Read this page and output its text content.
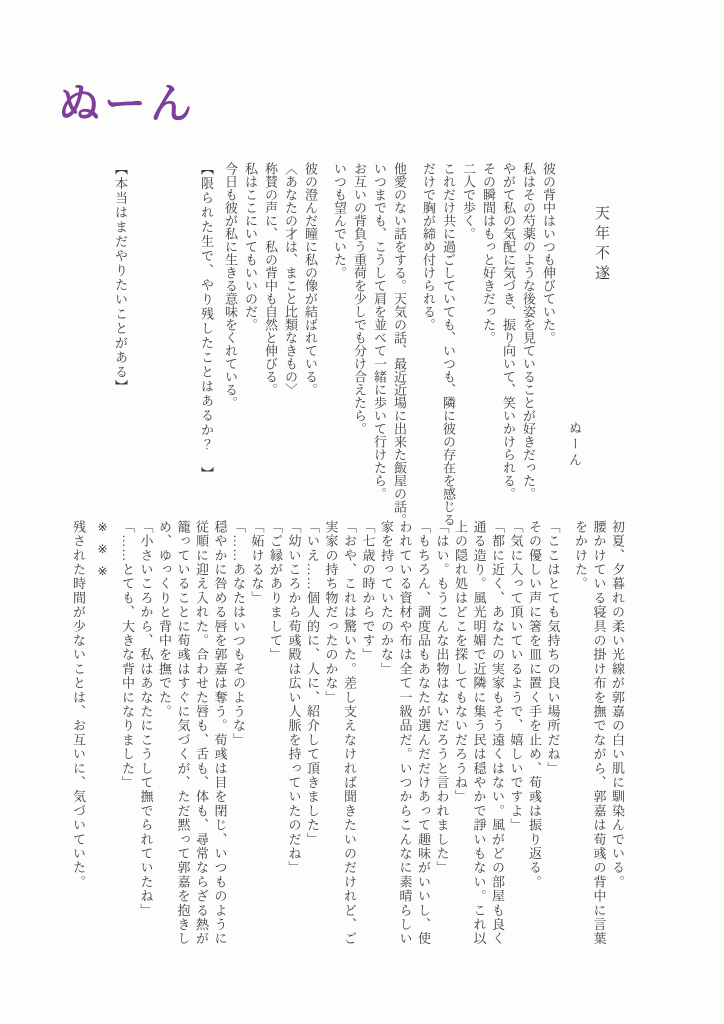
ぬーん
天年不遂
ぬーん

彼の背中はいつも伸びていた。

私はその芍薬のような後姿を見ていることが好きだった。

やがて私の気配に気づき、振り向いて、笑いかけられる。

その瞬間はもっと好きだった。

二人で歩く。

これだけ共に過ごしていても、いつも、隣に彼の存在を感じるだけで胸が締め付けられる。

他愛のない話をする。天気の話、最近近場に出来た飯屋の話。

いつまでも、こうして肩を並べて一緒に歩いて行けたら。

お互いの背負う重荷を少しでも分け合えたら。

いつも望んでいた。

彼の澄んだ瞳に私の像が結ばれている。

〈あなたの才は、まこと比類なきもの〉

称賛の声に、私の背中も自然と伸びる。

私はここにいてもいいのだ。

今日も彼が私に生きる意味をくれている。

【限られた生で、やり残したことはあるか？　】
【本当はまだやりたいことがある】

初夏、夕暮れの柔い光線が郭嘉の白い肌に馴染んでいる。

腰かけている寝具の掛け布を撫でながら、郭嘉は荀彧の背中に言葉をかけた。

「ここはとても気持ちの良い場所だね」

その優しい声に箸を皿に置く手を止め、荀彧は振り返る。

「気に入って頂いているようで、嬉しいですよ」

「都に近く、あなたの実家もそう遠くはない。風がどの部屋も良く通る造り。風光明媚で近隣に集う民は穏やかで諍いもない。これ以上の隠れ処はどこを探してもないだろうね」

「はい。もうこんな出物はないだろうと言われました」

「もちろん、調度品もあなたが選んだだけあって趣味がいいし、使われている資材や布は全て一級品だ。いつからこんなに素晴らしい家を持っていたのかな」

「七歳の時からです」

「おや、これは驚いた。差し支えなければ聞きたいのだけれど、ご実家の持ち物だったのかな」

「いえ……個人的に、人に、紹介して頂きました」

「幼いころから荀彧殿は広い人脈を持っていたのだね」

「ご縁がありまして」

「妬けるな」

「……あなたはいつもそのような」

穏やかに咎める唇を郭嘉は奪う。荀彧は目を閉じ、いつものように従順に迎え入れた。合わせた唇も、舌も、体も、尋常ならざる熱が籠っていることに荀彧はすぐに気づくが、ただ黙って郭嘉を抱きしめ、ゆっくりと背中を撫でた。

「小さいころから、私はあなたにこうして撫でられていたね」

「……とても、大きな背中になりました」

※※※

残された時間が少ないことは、お互いに、気づいていた。
